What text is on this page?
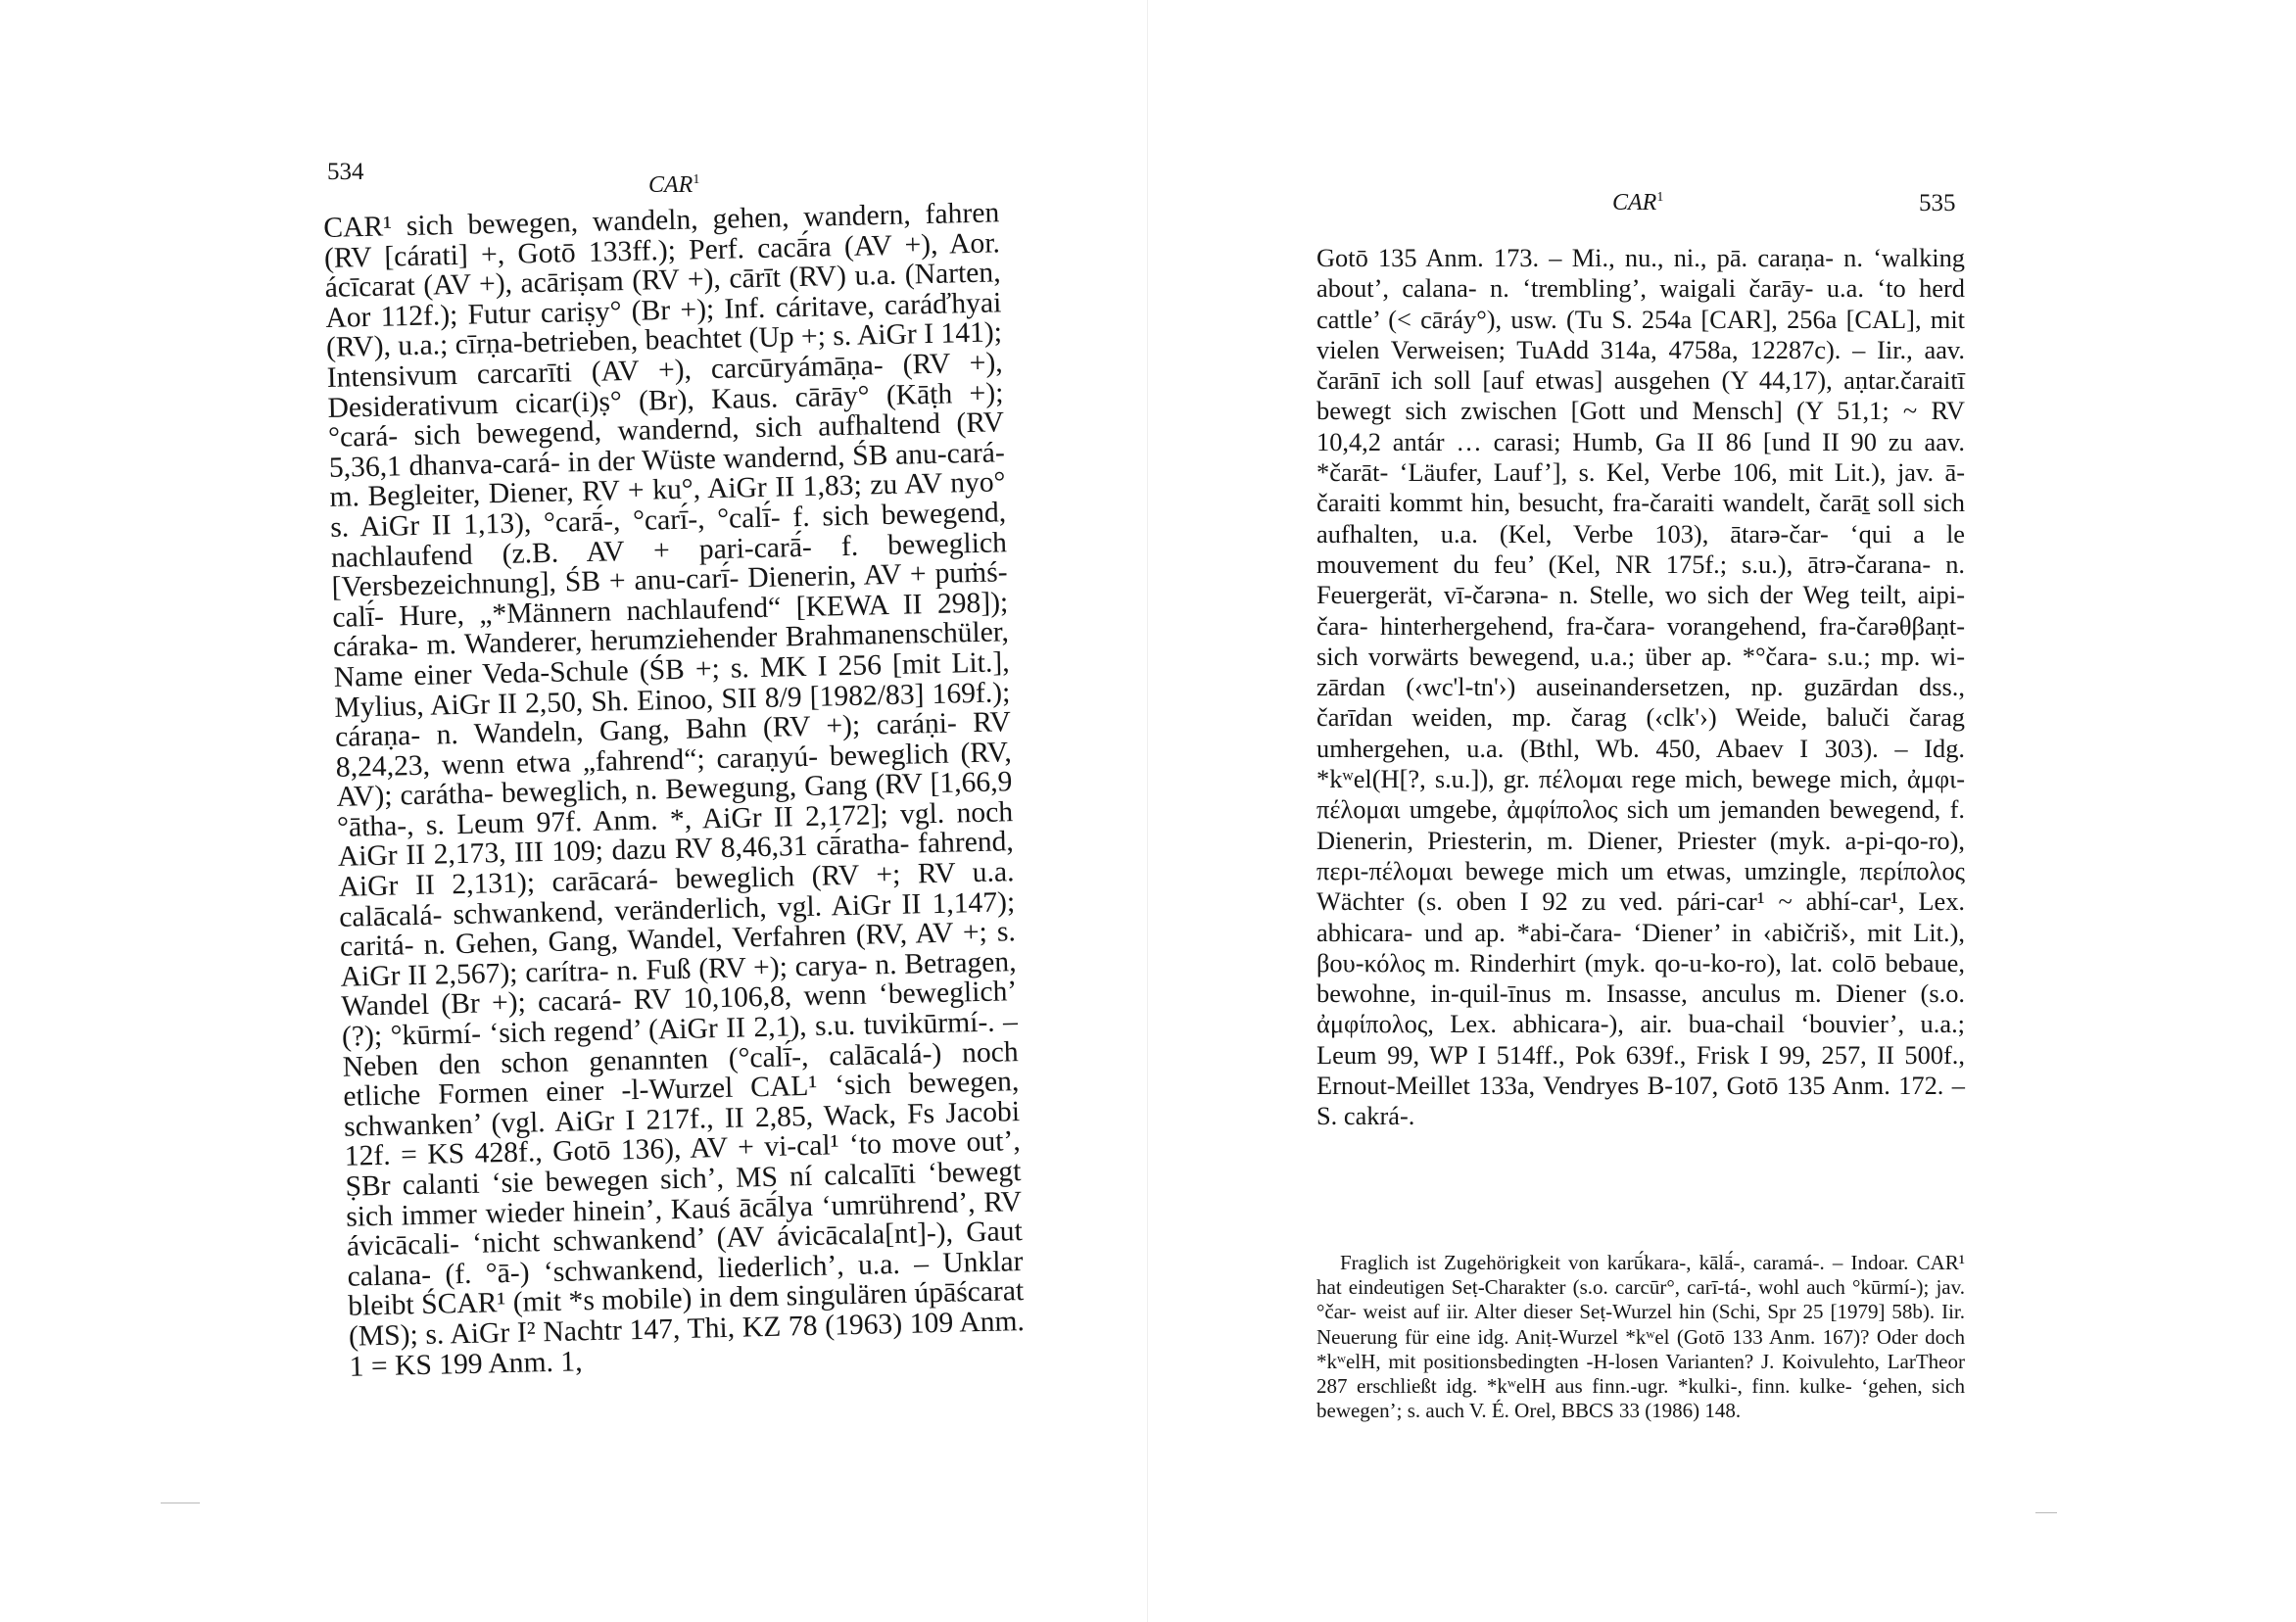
534	CAR$^1$

CAR¹ sich bewegen, wandeln, gehen, wandern, fahren (RV [cárati] +, Gotō 133ff.); Perf. cacā́ra (AV +), Aor. ácīcarat (AV +), acāriṣam (RV +), cārīt (RV) u.a. (Narten, Aor 112f.); Futur cariṣy° (Br +); Inf. cáritave, caráďhyai (RV), u.a.; cīrṇa-betrieben, beachtet (Up +; s. AiGr I 141); Intensivum carcarīti (AV +), carcūryámāṇa- (RV +), Desiderativum cicar(i)ṣ° (Br), Kaus. cārāy° (Kāṭh +); °cará- sich bewegend, wandernd, sich aufhaltend (RV 5,36,1 dhanva-cará- in der Wüste wandernd, ŚB anu-cará- m. Begleiter, Diener, RV + ku°, AiGr II 1,83; zu AV nyo° s. AiGr II 1,13), °carā́-, °carī́-, °calī́- f. sich bewegend, nachlaufend (z.B. AV + pari-carā́- f. beweglich [Versbezeichnung], ŚB + anu-carī́- Dienerin, AV + puṁś-calī́- Hure, „*Männern nachlaufend“ [KEWA II 298]); cáraka- m. Wanderer, herumziehender Brahmanenschüler, Name einer Veda-Schule (ŚB +; s. MK I 256 [mit Lit.], Mylius, AiGr II 2,50, Sh. Einoo, SII 8/9 [1982/83] 169f.); cáraṇa- n. Wandeln, Gang, Bahn (RV +); caráṇi- RV 8,24,23, wenn etwa „fahrend“; caraṇyú- beweglich (RV, AV); carátha- beweglich, n. Bewegung, Gang (RV [1,66,9 °ātha-, s. Leum 97f. Anm. *, AiGr II 2,172]; vgl. noch AiGr II 2,173, III 109; dazu RV 8,46,31 cā́ratha- fahrend, AiGr II 2,131); carācará- beweglich (RV +; RV u.a. calācalá- schwankend, veränderlich, vgl. AiGr II 1,147); caritá- n. Gehen, Gang, Wandel, Verfahren (RV, AV +; s. AiGr II 2,567); carítra- n. Fuß (RV +); carya- n. Betragen, Wandel (Br +); cacará- RV 10,106,8, wenn ‘beweglich’ (?); °kūrmí- ‘sich regend’ (AiGr II 2,1), s.u. tuvikūrmí-. – Neben den schon genannten (°calī́-, calācalá-) noch etliche Formen einer -l-Wurzel CAL¹ ‘sich bewegen, schwanken’ (vgl. AiGr I 217f., II 2,85, Wack, Fs Jacobi 12f. = KS 428f., Gotō 136), AV + vi-cal¹ ‘to move out’, ṢBr calanti ‘sie bewegen sich’, MS ní calcalīti ‘bewegt sich immer wieder hinein’, Kauś ācā́lya ‘umrührend’, RV ávicācali- ‘nicht schwankend’ (AV ávicācala[nt]-), Gaut calana- (f. °ā-) ‘schwankend, liederlich’, u.a. – Unklar bleibt ŚCAR¹ (mit *s mobile) in dem singulären úpāścarat (MS); s. AiGr I² Nachtr 147, Thi, KZ 78 (1963) 109 Anm. 1 = KS 199 Anm. 1,

CAR$^1$	535

Gotō 135 Anm. 173. – Mi., nu., ni., pā. caraṇa- n. ‘walking about’, calana- n. ‘trembling’, waigali čarāy- u.a. ‘to herd cattle’ (< cāráy°), usw. (Tu S. 254a [CAR], 256a [CAL], mit vielen Verweisen; TuAdd 314a, 4758a, 12287c). – Iir., aav. čarānī ich soll [auf etwas] ausgehen (Y 44,17), aṇtar.čaraitī bewegt sich zwischen [Gott und Mensch] (Y 51,1; ~ RV 10,4,2 antár … carasi; Humb, Ga II 86 [und II 90 zu aav. *čarāt- ‘Läufer, Lauf’], s. Kel, Verbe 106, mit Lit.), jav. ā-čaraiti kommt hin, besucht, fra-čaraiti wandelt, čarāṯ soll sich aufhalten, u.a. (Kel, Verbe 103), ātarə-čar- ‘qui a le mouvement du feu’ (Kel, NR 175f.; s.u.), ātrə-čarana- n. Feuergerät, vī-čarəna- n. Stelle, wo sich der Weg teilt, aipi-čara- hinterhergehend, fra-čara- vorangehend, fra-čarəθβaṇt- sich vorwärts bewegend, u.a.; über ap. *°čara- s.u.; mp. wi-zārdan (‹wc'l-tn'›) auseinandersetzen, np. guzārdan dss., čarīdan weiden, mp. čarag (‹clk'›) Weide, baluči čarag umhergehen, u.a. (Bthl, Wb. 450, Abaev I 303). – Idg. *kʷel(H[?, s.u.]), gr. πέλομαι rege mich, bewege mich, ἀμφι-πέλομαι umgebe, ἀμφίπολος sich um jemanden bewegend, f. Dienerin, Priesterin, m. Diener, Priester (myk. a-pi-qo-ro), περι-πέλομαι bewege mich um etwas, umzingle, περίπολος Wächter (s. oben I 92 zu ved. pári-car¹ ~ abhí-car¹, Lex. abhicara- und ap. *abi-čara- ‘Diener’ in ‹abičriš›, mit Lit.), βου-κόλος m. Rinderhirt (myk. qo-u-ko-ro), lat. colō bebaue, bewohne, in-quil-īnus m. Insasse, anculus m. Diener (s.o. ἀμφίπολος, Lex. abhicara-), air. bua-chail ‘bouvier’, u.a.; Leum 99, WP I 514ff., Pok 639f., Frisk I 99, 257, II 500f., Ernout-Meillet 133a, Vendryes B-107, Gotō 135 Anm. 172. – S. cakrá-.

Fraglich ist Zugehörigkeit von karū́kara-, kālā́-, caramá-. – Indoar. CAR¹ hat eindeutigen Seṭ-Charakter (s.o. carcūr°, carī-tá-, wohl auch °kūrmí-); jav. °čar- weist auf iir. Alter dieser Seṭ-Wurzel hin (Schi, Spr 25 [1979] 58b). Iir. Neuerung für eine idg. Aniṭ-Wurzel *kʷel (Gotō 133 Anm. 167)? Oder doch *kʷelH, mit positionsbedingten -H-losen Varianten? J. Koivulehto, LarTheor 287 erschließt idg. *kʷelH aus finn.-ugr. *kulki-, finn. kulke- ‘gehen, sich bewegen’; s. auch V. É. Orel, BBCS 33 (1986) 148.
